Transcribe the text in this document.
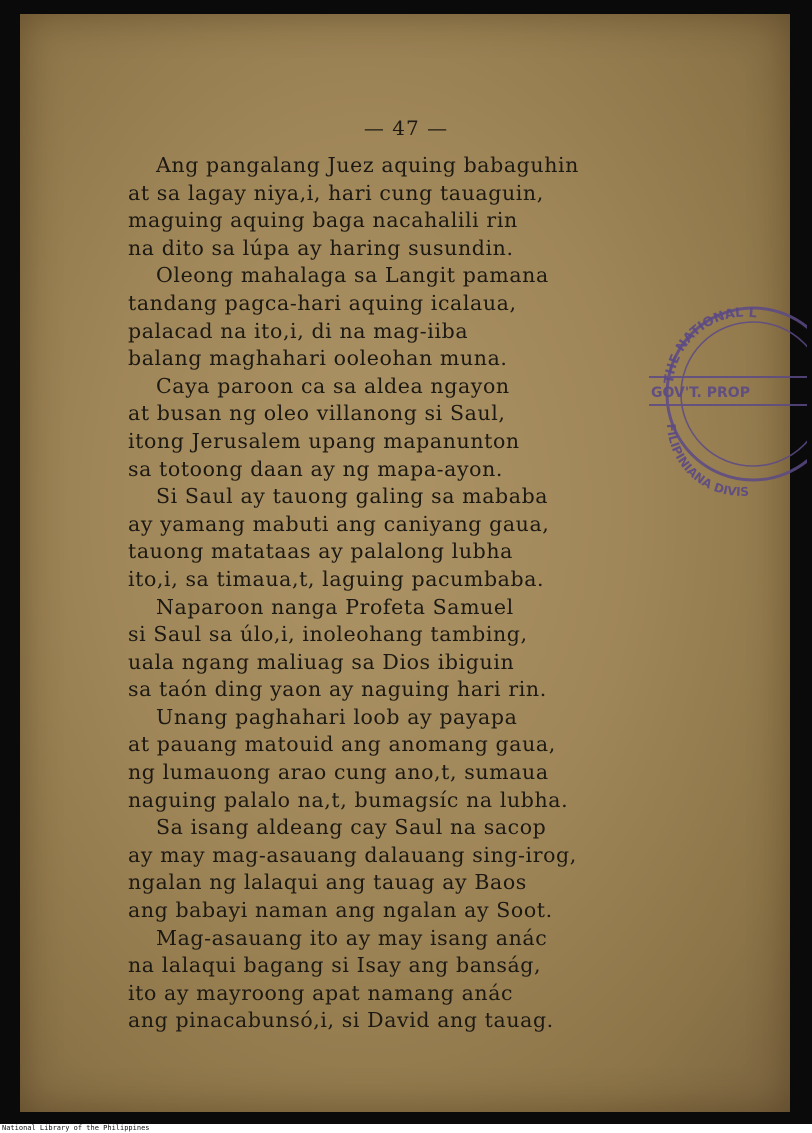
— 47 —
Ang pangalang Juez aquing babaguhin
at sa lagay niya,i, hari cung tauaguin,
maguing aquing baga nacahalili rin
na dito sa lúpa ay haring susundin.
Oleong mahalaga sa Langit pamana
tandang pagca-hari aquing icalaua,
palacad na ito,i, di na mag-iiba
balang maghahari ooleohan muna.
Caya paroon ca sa aldea ngayon
at busan ng oleo villanong si Saul,
itong Jerusalem upang mapanunton
sa totoong daan ay ng mapa-ayon.
Si Saul ay tauong galing sa mababa
ay yamang mabuti ang caniyang gaua,
tauong matataas ay palalong lubha
ito,i, sa timaua,t, laguing pacumbaba.
Naparoon nanga Profeta Samuel
si Saul sa úlo,i, inoleohang tambing,
uala ngang maliuag sa Dios ibiguin
sa taón ding yaon ay naguing hari rin.
Unang paghahari loob ay payapa
at pauang matouid ang anomang gaua,
ng lumauong arao cung ano,t, sumaua
naguing palalo na,t, bumagsíc na lubha.
Sa isang aldeang cay Saul na sacop
ay may mag-asauang dalauang sing-irog,
ngalan ng lalaqui ang tauag ay Baos
ang babayi naman ang ngalan ay Soot.
Mag-asauang ito ay may isang anác
na lalaqui bagang si Isay ang banság,
ito ay mayroong apat namang anác
ang pinacabunsó,i, si David ang tauag.
THE NATIONAL L
GOV'T. PROP
FILIPINIANA DIVIS
National Library of the Philippines
